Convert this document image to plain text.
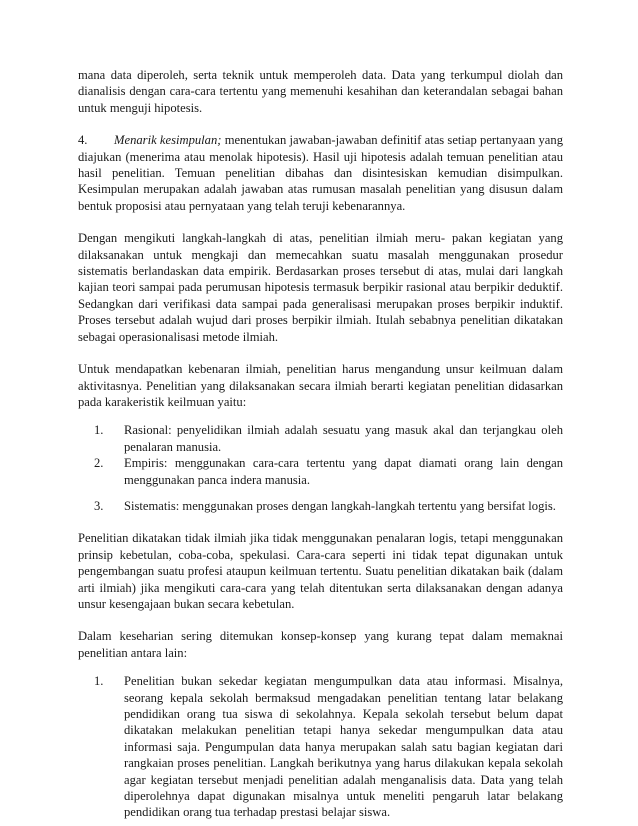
mana data diperoleh, serta teknik untuk memperoleh data. Data yang terkumpul diolah dan dianalisis dengan cara-cara tertentu yang memenuhi kesahihan dan keterandalan sebagai bahan untuk menguji hipotesis.

4. Menarik kesimpulan; menentukan jawaban-jawaban definitif atas setiap pertanyaan yang diajukan (menerima atau menolak hipotesis). Hasil uji hipotesis adalah temuan penelitian atau hasil penelitian. Temuan penelitian dibahas dan disintesiskan kemudian disimpulkan. Kesimpulan merupakan adalah jawaban atas rumusan masalah penelitian yang disusun dalam bentuk proposisi atau pernyataan yang telah teruji kebenarannya.

Dengan mengikuti langkah-langkah di atas, penelitian ilmiah meru- pakan kegiatan yang dilaksanakan untuk mengkaji dan memecahkan suatu masalah menggunakan prosedur sistematis berlandaskan data empirik. Berdasarkan proses tersebut di atas, mulai dari langkah kajian teori sampai pada perumusan hipotesis termasuk berpikir rasional atau berpikir deduktif. Sedangkan dari verifikasi data sampai pada generalisasi merupakan proses berpikir induktif. Proses tersebut adalah wujud dari proses berpikir ilmiah. Itulah sebabnya penelitian dikatakan sebagai operasionalisasi metode ilmiah.

Untuk mendapatkan kebenaran ilmiah, penelitian harus mengandung unsur keilmuan dalam aktivitasnya. Penelitian yang dilaksanakan secara ilmiah berarti kegiatan penelitian didasarkan pada karakeristik keilmuan yaitu:

1. Rasional: penyelidikan ilmiah adalah sesuatu yang masuk akal dan terjangkau oleh penalaran manusia.
2. Empiris: menggunakan cara-cara tertentu yang dapat diamati orang lain dengan menggunakan panca indera manusia.
3. Sistematis: menggunakan proses dengan langkah-langkah tertentu yang bersifat logis.

Penelitian dikatakan tidak ilmiah jika tidak menggunakan penalaran logis, tetapi menggunakan prinsip kebetulan, coba-coba, spekulasi. Cara-cara seperti ini tidak tepat digunakan untuk pengembangan suatu profesi ataupun keilmuan tertentu. Suatu penelitian dikatakan baik (dalam arti ilmiah) jika mengikuti cara-cara yang telah ditentukan serta dilaksanakan dengan adanya unsur kesengajaan bukan secara kebetulan.

Dalam keseharian sering ditemukan konsep-konsep yang kurang tepat dalam memaknai penelitian antara lain:

1. Penelitian bukan sekedar kegiatan mengumpulkan data atau informasi. Misalnya, seorang kepala sekolah bermaksud mengadakan penelitian tentang latar belakang pendidikan orang tua siswa di sekolahnya. Kepala sekolah tersebut belum dapat dikatakan melakukan penelitian tetapi hanya sekedar mengumpulkan data atau informasi saja. Pengumpulan data hanya merupakan salah satu bagian kegiatan dari rangkaian proses penelitian. Langkah berikutnya yang harus dilakukan kepala sekolah agar kegiatan tersebut menjadi penelitian adalah menganalisis data. Data yang telah diperolehnya dapat digunakan misalnya untuk meneliti pengaruh latar belakang pendidikan orang tua terhadap prestasi belajar siswa.
